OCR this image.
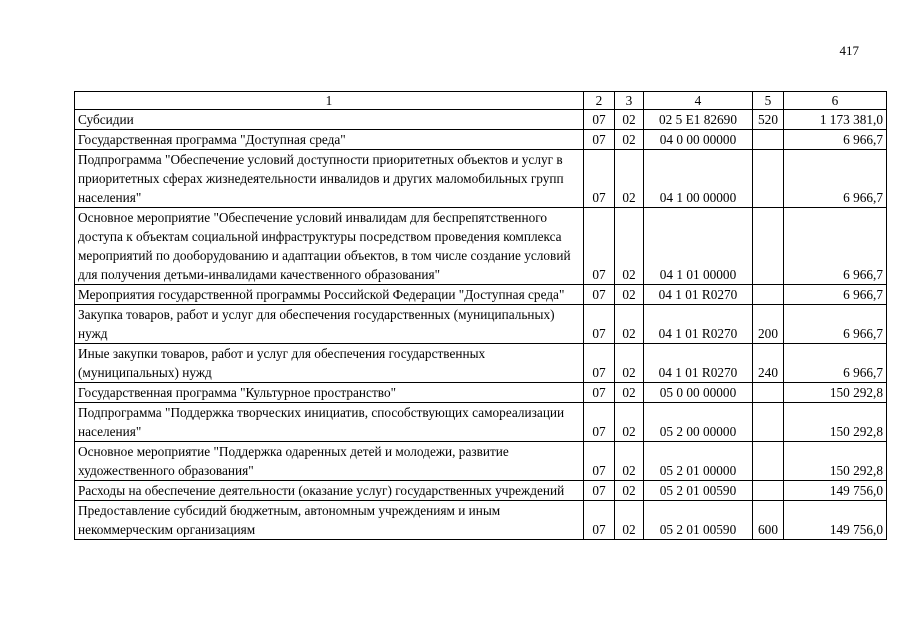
417
1	2	3	4	5	6
Субсидии	07	02	02 5 E1 82690	520	1 173 381,0
Государственная программа "Доступная среда"	07	02	04 0 00 00000		6 966,7
Подпрограмма "Обеспечение условий доступности приоритетных объектов и услуг в приоритетных сферах жизнедеятельности инвалидов и других маломобильных групп населения"	07	02	04 1 00 00000		6 966,7
Основное мероприятие "Обеспечение условий инвалидам для беспрепятственного доступа к объектам социальной инфраструктуры посредством проведения комплекса мероприятий по дооборудованию и адаптации объектов, в том числе создание условий для получения детьми-инвалидами качественного образования"	07	02	04 1 01 00000		6 966,7
Мероприятия государственной программы Российской Федерации "Доступная среда"	07	02	04 1 01 R0270		6 966,7
Закупка товаров, работ и услуг для обеспечения государственных (муниципальных) нужд	07	02	04 1 01 R0270	200	6 966,7
Иные закупки товаров, работ и услуг для обеспечения государственных (муниципальных) нужд	07	02	04 1 01 R0270	240	6 966,7
Государственная программа "Культурное пространство"	07	02	05 0 00 00000		150 292,8
Подпрограмма "Поддержка творческих инициатив, способствующих самореализации населения"	07	02	05 2 00 00000		150 292,8
Основное мероприятие "Поддержка одаренных детей и молодежи, развитие художественного образования"	07	02	05 2 01 00000		150 292,8
Расходы на обеспечение деятельности (оказание услуг) государственных учреждений	07	02	05 2 01 00590		149 756,0
Предоставление субсидий бюджетным, автономным учреждениям и иным некоммерческим организациям	07	02	05 2 01 00590	600	149 756,0
